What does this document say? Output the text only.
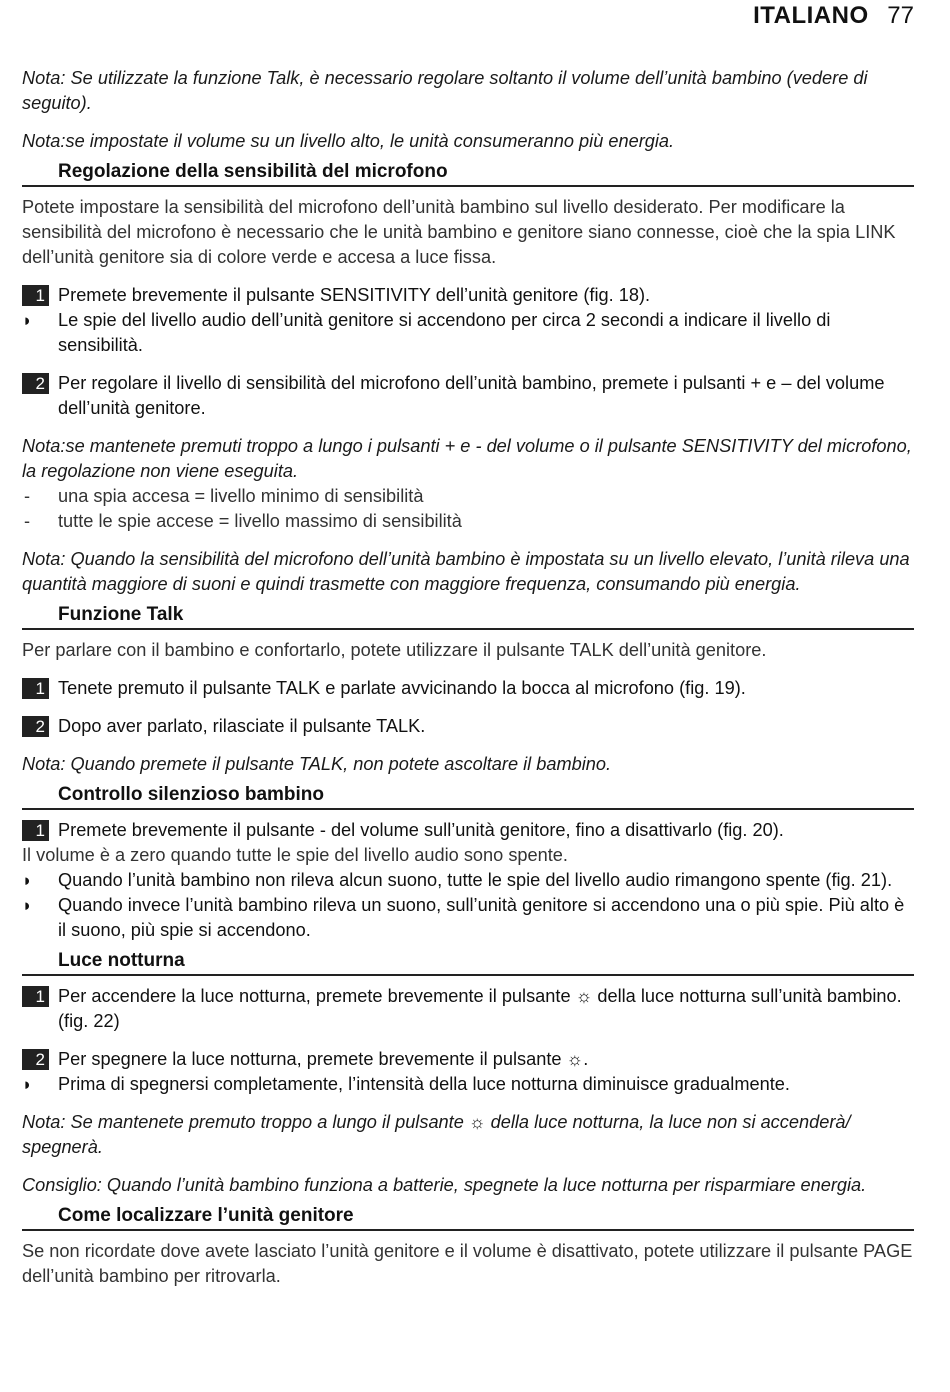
ITALIANO 77
Nota: Se utilizzate la funzione Talk, è necessario regolare soltanto il volume dell’unità bambino (vedere di seguito).
Nota:se impostate il volume su un livello alto, le unità consumeranno più energia.
Regolazione della sensibilità del microfono
Potete impostare la sensibilità del microfono dell’unità bambino sul livello desiderato. Per modificare la sensibilità del microfono è necessario che le unità bambino e genitore siano connesse, cioè che la spia LINK dell’unità genitore sia di colore verde e accesa a luce fissa.
1 Premete brevemente il pulsante SENSITIVITY dell’unità genitore (fig. 18).
◗ Le spie del livello audio dell’unità genitore si accendono per circa 2 secondi a indicare il livello di sensibilità.
2 Per regolare il livello di sensibilità del microfono dell’unità bambino, premete i pulsanti + e – del volume dell’unità genitore.
Nota:se mantenete premuti troppo a lungo i pulsanti + e - del volume o il pulsante SENSITIVITY del microfono, la regolazione non viene eseguita.
- una spia accesa = livello minimo di sensibilità
- tutte le spie accese = livello massimo di sensibilità
Nota: Quando la sensibilità del microfono dell’unità bambino è impostata su un livello elevato, l’unità rileva una quantità maggiore di suoni e quindi trasmette con maggiore frequenza, consumando più energia.
Funzione Talk
Per parlare con il bambino e confortarlo, potete utilizzare il pulsante TALK dell’unità genitore.
1 Tenete premuto il pulsante TALK e parlate avvicinando la bocca al microfono (fig. 19).
2 Dopo aver parlato, rilasciate il pulsante TALK.
Nota: Quando premete il pulsante TALK, non potete ascoltare il bambino.
Controllo silenzioso bambino
1 Premete brevemente il pulsante - del volume sull’unità genitore, fino a disattivarlo (fig. 20).
Il volume è a zero quando tutte le spie del livello audio sono spente.
◗ Quando l’unità bambino non rileva alcun suono, tutte le spie del livello audio rimangono spente (fig. 21).
◗ Quando invece l’unità bambino rileva un suono, sull’unità genitore si accendono una o più spie. Più alto è il suono, più spie si accendono.
Luce notturna
1 Per accendere la luce notturna, premete brevemente il pulsante ☼ della luce notturna sull’unità bambino. (fig. 22)
2 Per spegnere la luce notturna, premete brevemente il pulsante ☼.
◗ Prima di spegnersi completamente, l’intensità della luce notturna diminuisce gradualmente.
Nota: Se mantenete premuto troppo a lungo il pulsante ☼ della luce notturna, la luce non si accenderà/ spegnerà.
Consiglio: Quando l’unità bambino funziona a batterie, spegnete la luce notturna per risparmiare energia.
Come localizzare l’unità genitore
Se non ricordate dove avete lasciato l’unità genitore e il volume è disattivato, potete utilizzare il pulsante PAGE dell’unità bambino per ritrovarla.
